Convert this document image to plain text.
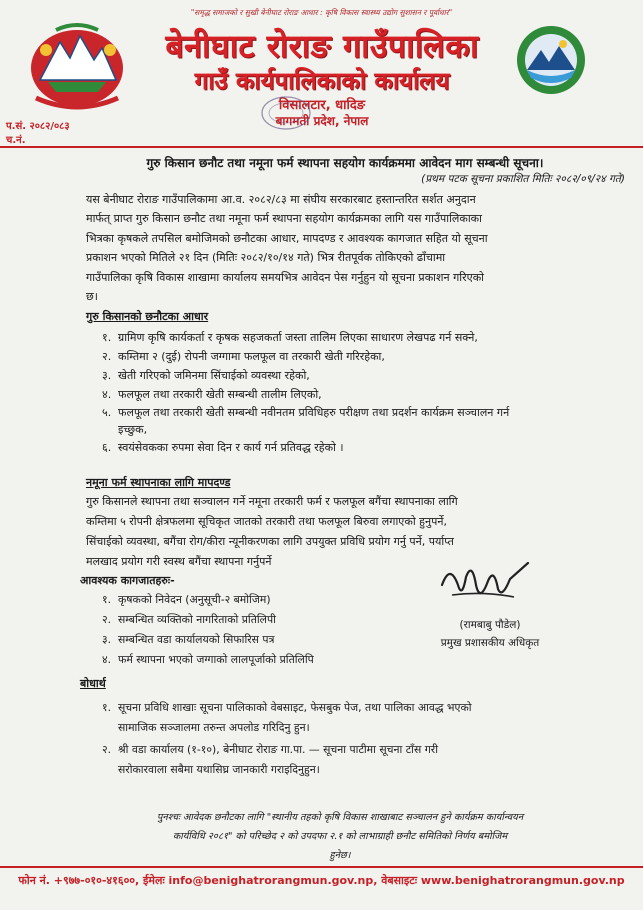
"समृद्ध समाजको र सुखी बेनीघाट रोराङ आधार : कृषि विकास स्वास्थ्य उद्योग सुशासन र पूर्वाधार"
बेनीघाट रोराङ गाउँपालिका
गाउँ कार्यपालिकाको कार्यालय
विसालटार, धादिङ
बागमती प्रदेश, नेपाल
प.सं. २०८२/०८३
च.नं.
गुरु किसान छनौट तथा नमूना फर्म स्थापना सहयोग कार्यक्रममा आवेदन माग सम्बन्धी सूचना।
(प्रथम पटक सूचना प्रकाशित मितिः २०८२/०९/२४ गते)
यस बेनीघाट रोराङ गाउँपालिकामा आ.व. २०८२/८३ मा संघीय सरकारबाट हस्तान्तरित सर्शत अनुदान
मार्फत् प्राप्त गुरु किसान छनौट तथा नमूना फर्म स्थापना सहयोग कार्यक्रमका लागि यस गाउँपालिकाका
भित्रका कृषकले तपसिल बमोजिमको छनौटका आधार, मापदण्ड र आवश्यक कागजात सहित यो सूचना
प्रकाशन भएको मितिले २१ दिन (मितिः २०८२/१०/१४ गते) भित्र रीतपूर्वक तोकिएको ढाँचामा
गाउँपालिका कृषि विकास शाखामा कार्यालय समयभित्र आवेदन पेस गर्नुहुन यो सूचना प्रकाशन गरिएको
छ।
गुरु किसानको छनौटका आधार
१. ग्रामिण कृषि कार्यकर्ता र कृषक सहजकर्ता जस्ता तालिम लिएका साधारण लेखपढ गर्न सक्ने,
२. कम्तिमा २ (दुई) रोपनी जग्गामा फलफूल वा तरकारी खेती गरिरहेका,
३. खेती गरिएको जमिनमा सिंचाईको व्यवस्था रहेको,
४. फलफूल तथा तरकारी खेती सम्बन्धी तालीम लिएको,
५. फलफूल तथा तरकारी खेती सम्बन्धी नवीनतम प्रविधिहरु परीक्षण तथा प्रदर्शन कार्यक्रम सञ्चालन गर्न इच्छुक,
६. स्वयंसेवकका रुपमा सेवा दिन र कार्य गर्न प्रतिवद्ध रहेको ।
नमूना फर्म स्थापनाका लागि मापदण्ड
गुरु किसानले स्थापना तथा सञ्चालन गर्ने नमूना तरकारी फर्म र फलफूल बगैंचा स्थापनाका लागि
कम्तिमा ५ रोपनी क्षेत्रफलमा सूचिकृत जातको तरकारी तथा फलफूल बिरुवा लगाएको हुनुपर्ने,
सिंचाईको व्यवस्था, बगैंचा रोग/कीरा न्यूनीकरणका लागि उपयुक्त प्रविधि प्रयोग गर्नु पर्ने, पर्याप्त
मलखाद प्रयोग गरी स्वस्थ बगैंचा स्थापना गर्नुपर्ने
आवश्यक कागजातहरुः-
१. कृषकको निवेदन (अनुसूची-२ बमोजिम)
२. सम्बन्धित व्यक्तिको नागरिताको प्रतिलिपी
३. सम्बन्धित वडा कार्यालयको सिफारिस पत्र
४. फर्म स्थापना भएको जग्गाको लालपूर्जाको प्रतिलिपि
(रामबाबु पौडेल)
प्रमुख प्रशासकीय अधिकृत
बोधार्थ
१. सूचना प्रविधि शाखाः सूचना पालिकाको वेबसाइट, फेसबुक पेज, तथा पालिका आवद्ध भएको
सामाजिक सञ्जालमा तरुन्त अपलोड गरिदिनु हुन।
२. श्री वडा कार्यालय (१-१०), बेनीघाट रोराङ गा.पा. — सूचना पाटीमा सूचना टाँस गरी
सरोकारवाला सबैमा यथासिघ्र जानकारी गराइदिनुहुन।
पुनश्चः आवेदक छनौटका लागि "स्थानीय तहको कृषि विकास शाखाबाट सञ्चालन हुने कार्यक्रम कार्यान्वयन
कार्यविधि २०८१" को परिच्छेद २ को उपदफा २.१ को लाभाग्राही छनौट समितिको निर्णय बमोजिम
हुनेछ।
फोन नं. +९७७-०१०-४१६००, ईमेलः info@benighatrorangmun.gov.np, वेबसाइटः www.benighatrorangmun.gov.np
